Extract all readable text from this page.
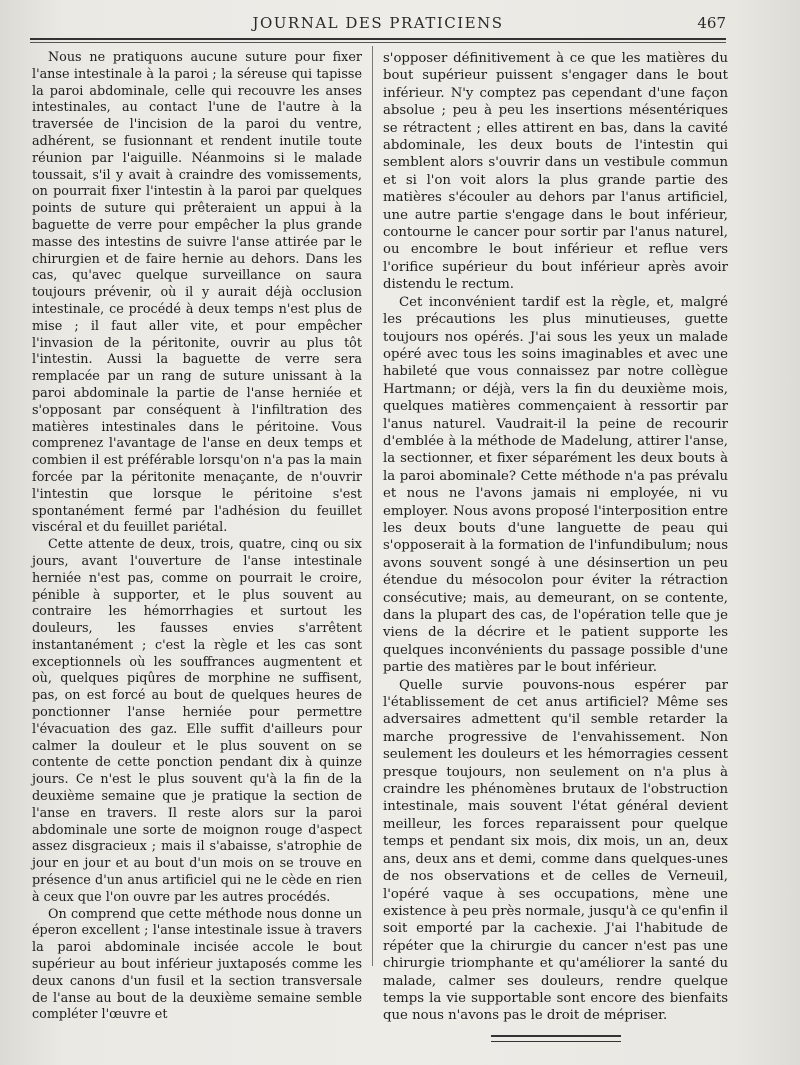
JOURNAL DES PRATICIENS	467

Nous ne pratiquons aucune suture pour fixer l'anse intestinale à la paroi ; la séreuse qui tapisse la paroi abdominale, celle qui recouvre les anses intestinales, au contact l'une de l'autre à la traversée de l'incision de la paroi du ventre, adhérent, se fusionnant et rendent inutile toute réunion par l'aiguille. Néanmoins si le malade toussait, s'il y avait à craindre des vomissements, on pourrait fixer l'intestin à la paroi par quelques points de suture qui prêteraient un appui à la baguette de verre pour empêcher la plus grande masse des intestins de suivre l'anse attirée par le chirurgien et de faire hernie au dehors. Dans les cas, qu'avec quelque surveillance on saura toujours prévenir, où il y aurait déjà occlusion intestinale, ce procédé à deux temps n'est plus de mise ; il faut aller vite, et pour empêcher l'invasion de la péritonite, ouvrir au plus tôt l'intestin. Aussi la baguette de verre sera remplacée par un rang de suture unissant à la paroi abdominale la partie de l'anse herniée et s'opposant par conséquent à l'infiltration des matières intestinales dans le péritoine. Vous comprenez l'avantage de l'anse en deux temps et combien il est préférable lorsqu'on n'a pas la main forcée par la péritonite menaçante, de n'ouvrir l'intestin que lorsque le péritoine s'est spontanément fermé par l'adhésion du feuillet viscéral et du feuillet pariétal.

Cette attente de deux, trois, quatre, cinq ou six jours, avant l'ouverture de l'anse intestinale herniée n'est pas, comme on pourrait le croire, pénible à supporter, et le plus souvent au contraire les hémorrhagies et surtout les douleurs, les fausses envies s'arrêtent instantanément ; c'est la règle et les cas sont exceptionnels où les souffrances augmentent et où, quelques piqûres de morphine ne suffisent, pas, on est forcé au bout de quelques heures de ponctionner l'anse herniée pour permettre l'évacuation des gaz. Elle suffit d'ailleurs pour calmer la douleur et le plus souvent on se contente de cette ponction pendant dix à quinze jours. Ce n'est le plus souvent qu'à la fin de la deuxième semaine que je pratique la section de l'anse en travers. Il reste alors sur la paroi abdominale une sorte de moignon rouge d'aspect assez disgracieux ; mais il s'abaisse, s'atrophie de jour en jour et au bout d'un mois on se trouve en présence d'un anus artificiel qui ne le cède en rien à ceux que l'on ouvre par les autres procédés.

On comprend que cette méthode nous donne un éperon excellent ; l'anse intestinale issue à travers la paroi abdominale incisée accole le bout supérieur au bout inférieur juxtaposés comme les deux canons d'un fusil et la section transversale de l'anse au bout de la deuxième semaine semble compléter l'œuvre et

s'opposer définitivement à ce que les matières du bout supérieur puissent s'engager dans le bout inférieur. N'y comptez pas cependant d'une façon absolue ; peu à peu les insertions mésentériques se rétractent ; elles attirent en bas, dans la cavité abdominale, les deux bouts de l'intestin qui semblent alors s'ouvrir dans un vestibule commun et si l'on voit alors la plus grande partie des matières s'écouler au dehors par l'anus artificiel, une autre partie s'engage dans le bout inférieur, contourne le cancer pour sortir par l'anus naturel, ou encombre le bout inférieur et reflue vers l'orifice supérieur du bout inférieur après avoir distendu le rectum.

Cet inconvénient tardif est la règle, et, malgré les précautions les plus minutieuses, guette toujours nos opérés. J'ai sous les yeux un malade opéré avec tous les soins imaginables et avec une habileté que vous connaissez par notre collègue Hartmann; or déjà, vers la fin du deuxième mois, quelques matières commençaient à ressortir par l'anus naturel. Vaudrait-il la peine de recourir d'emblée à la méthode de Madelung, attirer l'anse, la sectionner, et fixer séparément les deux bouts à la paroi abominale? Cette méthode n'a pas prévalu et nous ne l'avons jamais ni employée, ni vu employer. Nous avons proposé l'interposition entre les deux bouts d'une languette de peau qui s'opposerait à la formation de l'infundibulum; nous avons souvent songé à une désinsertion un peu étendue du mésocolon pour éviter la rétraction consécutive; mais, au demeurant, on se contente, dans la plupart des cas, de l'opération telle que je viens de la décrire et le patient supporte les quelques inconvénients du passage possible d'une partie des matières par le bout inférieur.

Quelle survie pouvons-nous espérer par l'établissement de cet anus artificiel? Même ses adversaires admettent qu'il semble retarder la marche progressive de l'envahissement. Non seulement les douleurs et les hémorragies cessent presque toujours, non seulement on n'a plus à craindre les phénomènes brutaux de l'obstruction intestinale, mais souvent l'état général devient meilleur, les forces reparaissent pour quelque temps et pendant six mois, dix mois, un an, deux ans, deux ans et demi, comme dans quelques-unes de nos observations et de celles de Verneuil, l'opéré vaque à ses occupations, mène une existence à peu près normale, jusqu'à ce qu'enfin il soit emporté par la cachexie. J'ai l'habitude de répéter que la chirurgie du cancer n'est pas une chirurgie triomphante et qu'améliorer la santé du malade, calmer ses douleurs, rendre quelque temps la vie supportable sont encore des bienfaits que nous n'avons pas le droit de mépriser.
